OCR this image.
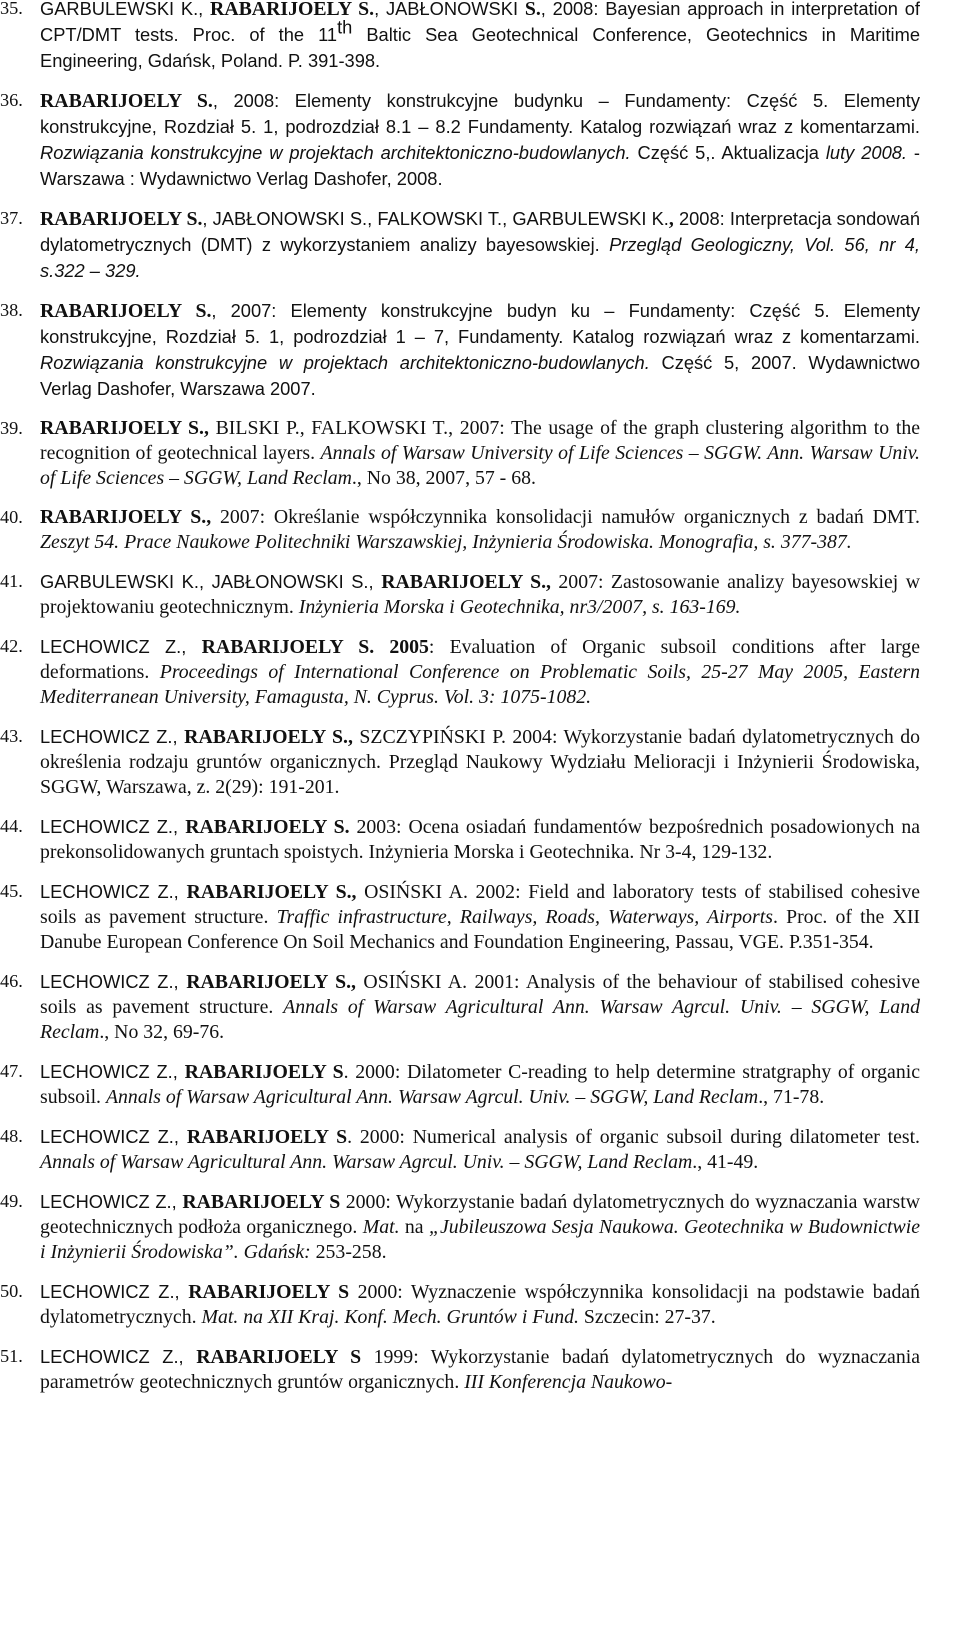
35. GARBULEWSKI K., RABARIJOELY S., JABŁONOWSKI S., 2008: Bayesian approach in interpretation of CPT/DMT tests. Proc. of the 11th Baltic Sea Geotechnical Conference, Geotechnics in Maritime Engineering, Gdańsk, Poland. P. 391-398.
36. RABARIJOELY S., 2008: Elementy konstrukcyjne budynku – Fundamenty: Część 5. Elementy konstrukcyjne, Rozdział 5. 1, podrozdział 8.1 – 8.2 Fundamenty. Katalog rozwiązań wraz z komentarzami. Rozwiązania konstrukcyjne w projektach architektoniczno-budowlanych. Część 5,. Aktualizacja luty 2008. - Warszawa : Wydawnictwo Verlag Dashofer, 2008.
37. RABARIJOELY S., JABŁONOWSKI S., FALKOWSKI T., GARBULEWSKI K., 2008: Interpretacja sondowań dylatometrycznych (DMT) z wykorzystaniem analizy bayesowskiej. Przegląd Geologiczny, Vol. 56, nr 4, s.322 – 329.
38. RABARIJOELY S., 2007: Elementy konstrukcyjne budyn ku – Fundamenty: Część 5. Elementy konstrukcyjne, Rozdział 5. 1, podrozdział 1 – 7, Fundamenty. Katalog rozwiązań wraz z komentarzami. Rozwiązania konstrukcyjne w projektach architektoniczno-budowlanych. Część 5, 2007. Wydawnictwo Verlag Dashofer, Warszawa 2007.
39. RABARIJOELY S., BILSKI P., FALKOWSKI T., 2007: The usage of the graph clustering algorithm to the recognition of geotechnical layers. Annals of Warsaw University of Life Sciences – SGGW. Ann. Warsaw Univ. of Life Sciences – SGGW, Land Reclam., No 38, 2007, 57 - 68.
40. RABARIJOELY S., 2007: Określanie współczynnika konsolidacji namułów organicznych z badań DMT. Zeszyt 54. Prace Naukowe Politechniki Warszawskiej, Inżynieria Środowiska. Monografia, s. 377-387.
41. GARBULEWSKI K., JABŁONOWSKI S., RABARIJOELY S., 2007: Zastosowanie analizy bayesowskiej w projektowaniu geotechnicznym. Inżynieria Morska i Geotechnika, nr3/2007, s. 163-169.
42. LECHOWICZ Z., RABARIJOELY S. 2005: Evaluation of Organic subsoil conditions after large deformations. Proceedings of International Conference on Problematic Soils, 25-27 May 2005, Eastern Mediterranean University, Famagusta, N. Cyprus. Vol. 3: 1075-1082.
43. LECHOWICZ Z., RABARIJOELY S., SZCZYPIŃSKI P. 2004: Wykorzystanie badań dylatometrycznych do określenia rodzaju gruntów organicznych. Przegląd Naukowy Wydziału Melioracji i Inżynierii Środowiska, SGGW, Warszawa, z. 2(29): 191-201.
44. LECHOWICZ Z., RABARIJOELY S. 2003: Ocena osiadań fundamentów bezpośrednich posadowionych na prekonsolidowanych gruntach spoistych. Inżynieria Morska i Geotechnika. Nr 3-4, 129-132.
45. LECHOWICZ Z., RABARIJOELY S., OSIŃSKI A. 2002: Field and laboratory tests of stabilised cohesive soils as pavement structure. Traffic infrastructure, Railways, Roads, Waterways, Airports. Proc. of the XII Danube European Conference On Soil Mechanics and Foundation Engineering, Passau, VGE. P.351-354.
46. LECHOWICZ Z., RABARIJOELY S., OSIŃSKI A. 2001: Analysis of the behaviour of stabilised cohesive soils as pavement structure. Annals of Warsaw Agricultural Ann. Warsaw Agrcul. Univ. – SGGW, Land Reclam., No 32, 69-76.
47. LECHOWICZ Z., RABARIJOELY S. 2000: Dilatometer C-reading to help determine stratgraphy of organic subsoil. Annals of Warsaw Agricultural Ann. Warsaw Agrcul. Univ. – SGGW, Land Reclam., 71-78.
48. LECHOWICZ Z., RABARIJOELY S. 2000: Numerical analysis of organic subsoil during dilatometer test. Annals of Warsaw Agricultural Ann. Warsaw Agrcul. Univ. – SGGW, Land Reclam., 41-49.
49. LECHOWICZ Z., RABARIJOELY S 2000: Wykorzystanie badań dylatometrycznych do wyznaczania warstw geotechnicznych podłoża organicznego. Mat. na „Jubileuszowa Sesja Naukowa. Geotechnika w Budownictwie i Inżynierii Środowiska”. Gdańsk: 253-258.
50. LECHOWICZ Z., RABARIJOELY S 2000: Wyznaczenie współczynnika konsolidacji na podstawie badań dylatometrycznych. Mat. na XII Kraj. Konf. Mech. Gruntów i Fund. Szczecin: 27-37.
51. LECHOWICZ Z., RABARIJOELY S 1999: Wykorzystanie badań dylatometrycznych do wyznaczania parametrów geotechnicznych gruntów organicznych. III Konferencja Naukowo-
